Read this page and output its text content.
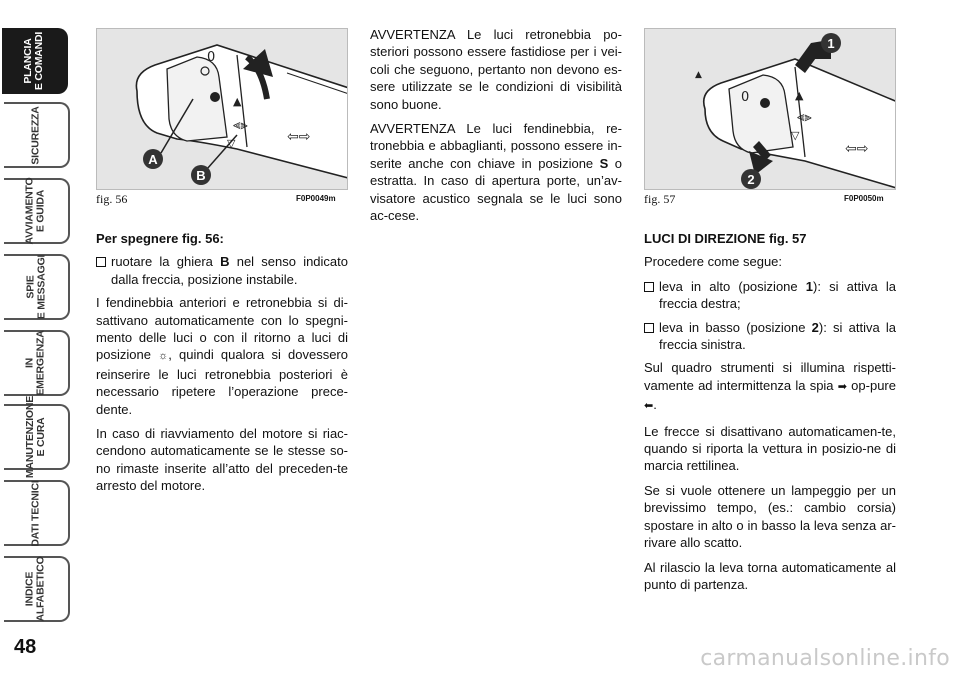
PLANCIA
E COMANDI
SICUREZZA
AVVIAMENTO
E GUIDA
SPIE
E MESSAGGI
IN
EMERGENZA
MANUTENZIONE
E CURA
DATI TECNICI
INDICE
ALFABETICO
48
0
⫷⫸
▲
▽	⇦⇨
A
B
fig. 56	F0P0049m
0
⫷⫸
▲
▽
⇦⇨
▲
1
2
fig. 57	F0P0050m

Per spegnere fig. 56:

ruotare la ghiera B nel senso indicato dalla freccia, posizione instabile.

I fendinebbia anteriori e retronebbia si di-sattivano automaticamente con lo spegni-mento delle luci o con il ritorno a luci di posizione ☼, quindi qualora si dovessero reinserire le luci retronebbia posteriori è necessario ripetere l’operazione prece-dente.

In caso di riavviamento del motore si riac-cendono automaticamente se le stesse so-no rimaste inserite all’atto del preceden-te arresto del motore.

AVVERTENZA Le luci retronebbia po-steriori possono essere fastidiose per i vei-coli che seguono, pertanto non devono es-sere utilizzate se le condizioni di visibilità sono buone.

AVVERTENZA Le luci fendinebbia, re-tronebbia e abbaglianti, possono essere in-serite anche con chiave in posizione S o estratta. In caso di apertura porte, un’av-visatore acustico segnala se le luci sono ac-cese.

LUCI DI DIREZIONE fig. 57

Procedere come segue:

leva in alto (posizione 1): si attiva la freccia destra;

leva in basso (posizione 2): si attiva la freccia sinistra.

Sul quadro strumenti si illumina rispetti-vamente ad intermittenza la spia ➡ op-pure ⬅.

Le frecce si disattivano automaticamen-te, quando si riporta la vettura in posizio-ne di marcia rettilinea.

Se si vuole ottenere un lampeggio per un brevissimo tempo, (es.: cambio corsia) spostare in alto o in basso la leva senza ar-rivare allo scatto.

Al rilascio la leva torna automaticamente al punto di partenza.

carmanualsonline.info
